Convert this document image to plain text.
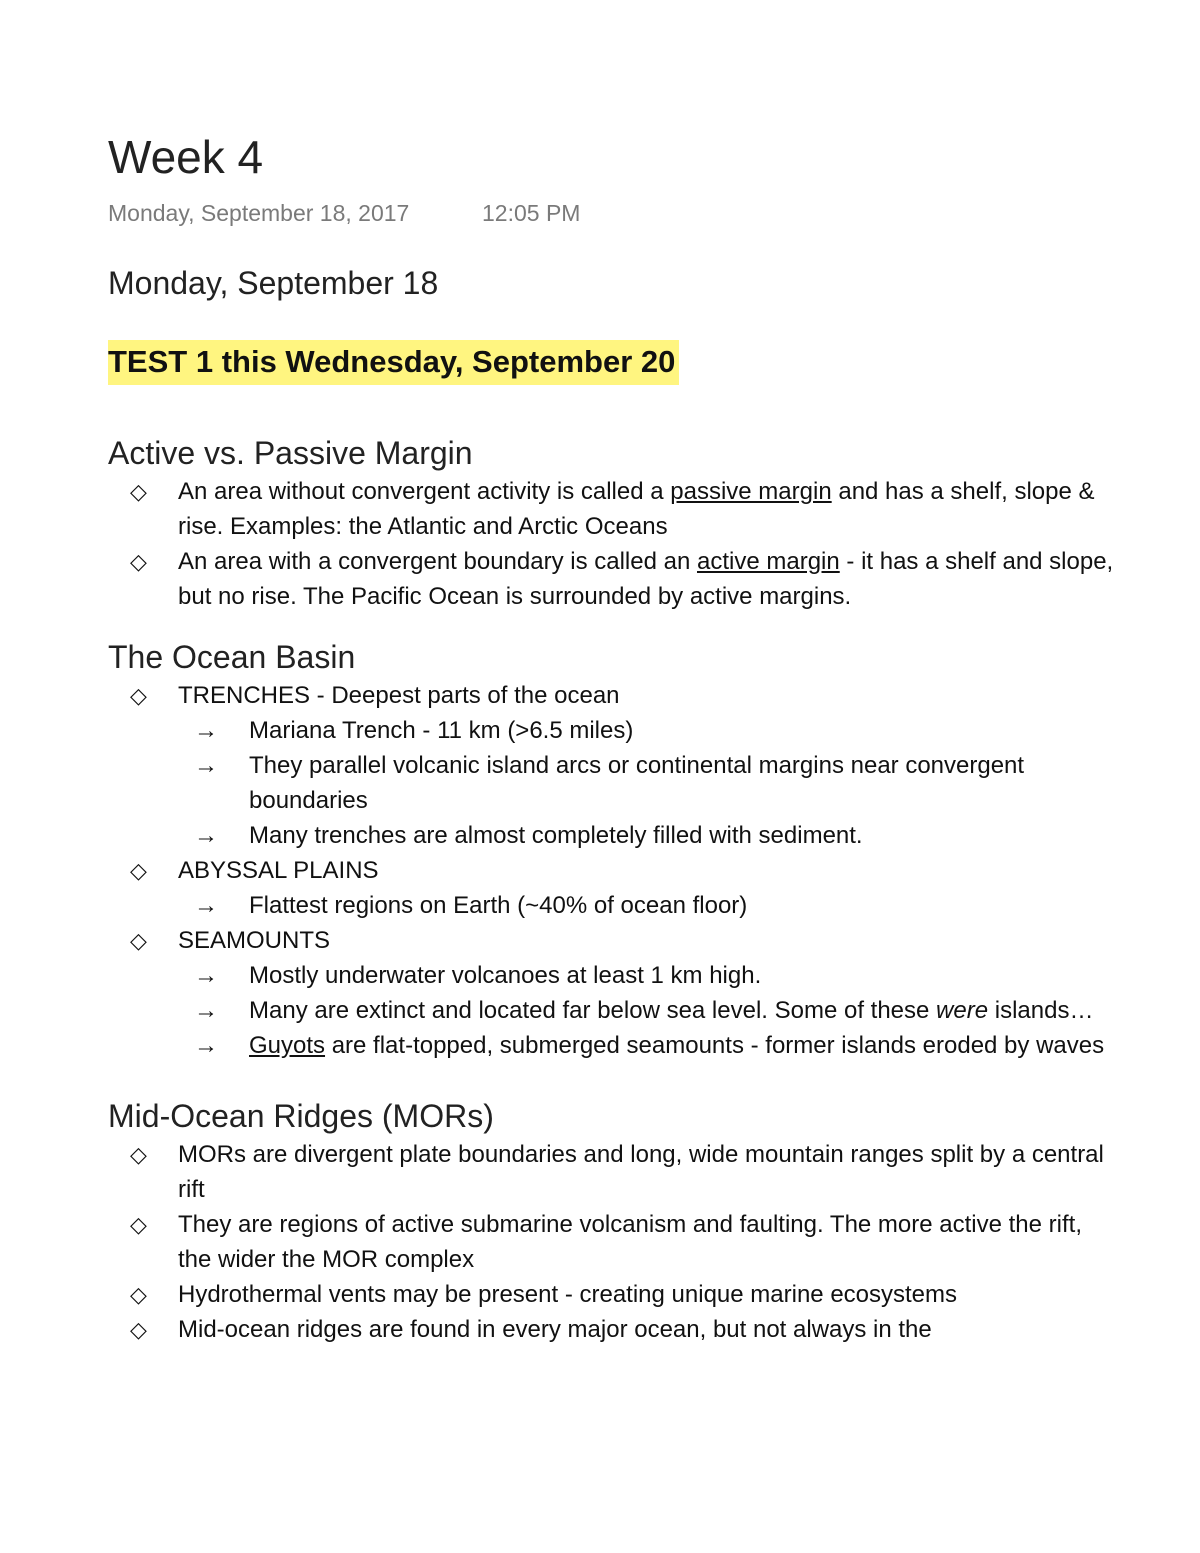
Week 4
Monday, September 18, 2017	12:05 PM
Monday, September 18
TEST 1 this Wednesday, September 20
Active vs. Passive Margin
◇ An area without convergent activity is called a passive margin and has a shelf, slope & rise. Examples: the Atlantic and Arctic Oceans
◇ An area with a convergent boundary is called an active margin - it has a shelf and slope, but no rise. The Pacific Ocean is surrounded by active margins.
The Ocean Basin
◇ TRENCHES - Deepest parts of the ocean
→ Mariana Trench - 11 km (>6.5 miles)
→ They parallel volcanic island arcs or continental margins near convergent boundaries
→ Many trenches are almost completely filled with sediment.
◇ ABYSSAL PLAINS
→ Flattest regions on Earth (~40% of ocean floor)
◇ SEAMOUNTS
→ Mostly underwater volcanoes at least 1 km high.
→ Many are extinct and located far below sea level. Some of these were islands…
→ Guyots are flat-topped, submerged seamounts - former islands eroded by waves
Mid-Ocean Ridges (MORs)
◇ MORs are divergent plate boundaries and long, wide mountain ranges split by a central rift
◇ They are regions of active submarine volcanism and faulting. The more active the rift, the wider the MOR complex
◇ Hydrothermal vents may be present - creating unique marine ecosystems
◇ Mid-ocean ridges are found in every major ocean, but not always in the
